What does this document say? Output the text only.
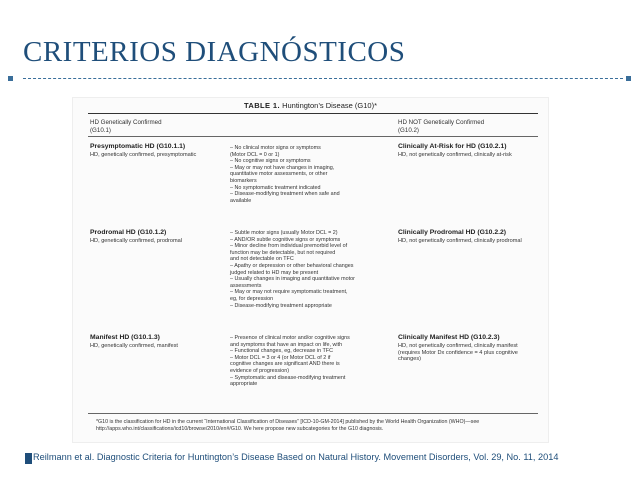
CRITERIOS DIAGNÓSTICOS
TABLE 1. Huntington’s Disease (G10)*
HD Genetically Confirmed
(G10.1)
HD NOT Genetically Confirmed
(G10.2)
Presymptomatic HD (G10.1.1)
HD, genetically confirmed, presymptomatic
– No clinical motor signs or symptoms
(Motor DCL = 0 or 1)
– No cognitive signs or symptoms
– May or may not have changes in imaging,
quantitative motor assessments, or other
biomarkers
– No symptomatic treatment indicated
– Disease-modifying treatment when safe and
available
Clinically At-Risk for HD (G10.2.1)
HD, not genetically confirmed, clinically at-risk
Prodromal HD (G10.1.2)
HD, genetically confirmed, prodromal
– Subtle motor signs (usually Motor DCL = 2)
– AND/OR subtle cognitive signs or symptoms
– Minor decline from individual premorbid level of
function may be detectable, but not required
and not detectable on TFC
– Apathy or depression or other behavioral changes
judged related to HD may be present
– Usually changes in imaging and quantitative motor
assessments
– May or may not require symptomatic treatment,
eg, for depression
– Disease-modifying treatment appropriate
Clinically Prodromal HD (G10.2.2)
HD, not genetically confirmed, clinically prodromal
Manifest HD (G10.1.3)
HD, genetically confirmed, manifest
– Presence of clinical motor and/or cognitive signs
and symptoms that have an impact on life, with
– Functional changes, eg, decrease in TFC
– Motor DCL = 3 or 4 (or Motor DCL of 2 if
cognitive changes are significant AND there is
evidence of progression)
– Symptomatic and disease-modifying treatment
appropriate
Clinically Manifest HD (G10.2.3)
HD, not genetically confirmed, clinically manifest (requires Motor Dx confidence = 4 plus cognitive changes)
*G10 is the classification for HD in the current “International Classification of Diseases” [ICD-10-GM-2014] published by the World Health Organization (WHO)—see http://apps.who.int/classifications/icd10/browse/2010/en#/G10. We here propose new subcategories for the G10 diagnosis.
Reilmann et al. Diagnostic Criteria for Huntington’s Disease Based on Natural History. Movement Disorders, Vol. 29, No. 11, 2014
